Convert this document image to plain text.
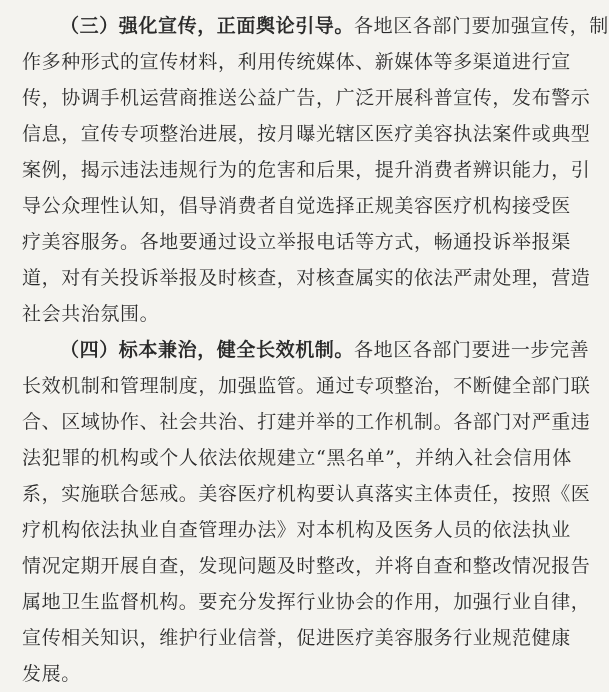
（三）强化宣传，正面舆论引导。各地区各部门要加强宣传，制
作多种形式的宣传材料，利用传统媒体、新媒体等多渠道进行宣
传，协调手机运营商推送公益广告，广泛开展科普宣传，发布警示
信息，宣传专项整治进展，按月曝光辖区医疗美容执法案件或典型
案例，揭示违法违规行为的危害和后果，提升消费者辨识能力，引
导公众理性认知，倡导消费者自觉选择正规美容医疗机构接受医
疗美容服务。各地要通过设立举报电话等方式，畅通投诉举报渠
道，对有关投诉举报及时核查，对核查属实的依法严肃处理，营造
社会共治氛围。
（四）标本兼治，健全长效机制。各地区各部门要进一步完善
长效机制和管理制度，加强监管。通过专项整治，不断健全部门联
合、区域协作、社会共治、打建并举的工作机制。各部门对严重违
法犯罪的机构或个人依法依规建立“黑名单”，并纳入社会信用体
系，实施联合惩戒。美容医疗机构要认真落实主体责任，按照《医
疗机构依法执业自查管理办法》对本机构及医务人员的依法执业
情况定期开展自查，发现问题及时整改，并将自查和整改情况报告
属地卫生监督机构。要充分发挥行业协会的作用，加强行业自律，
宣传相关知识，维护行业信誉，促进医疗美容服务行业规范健康
发展。
